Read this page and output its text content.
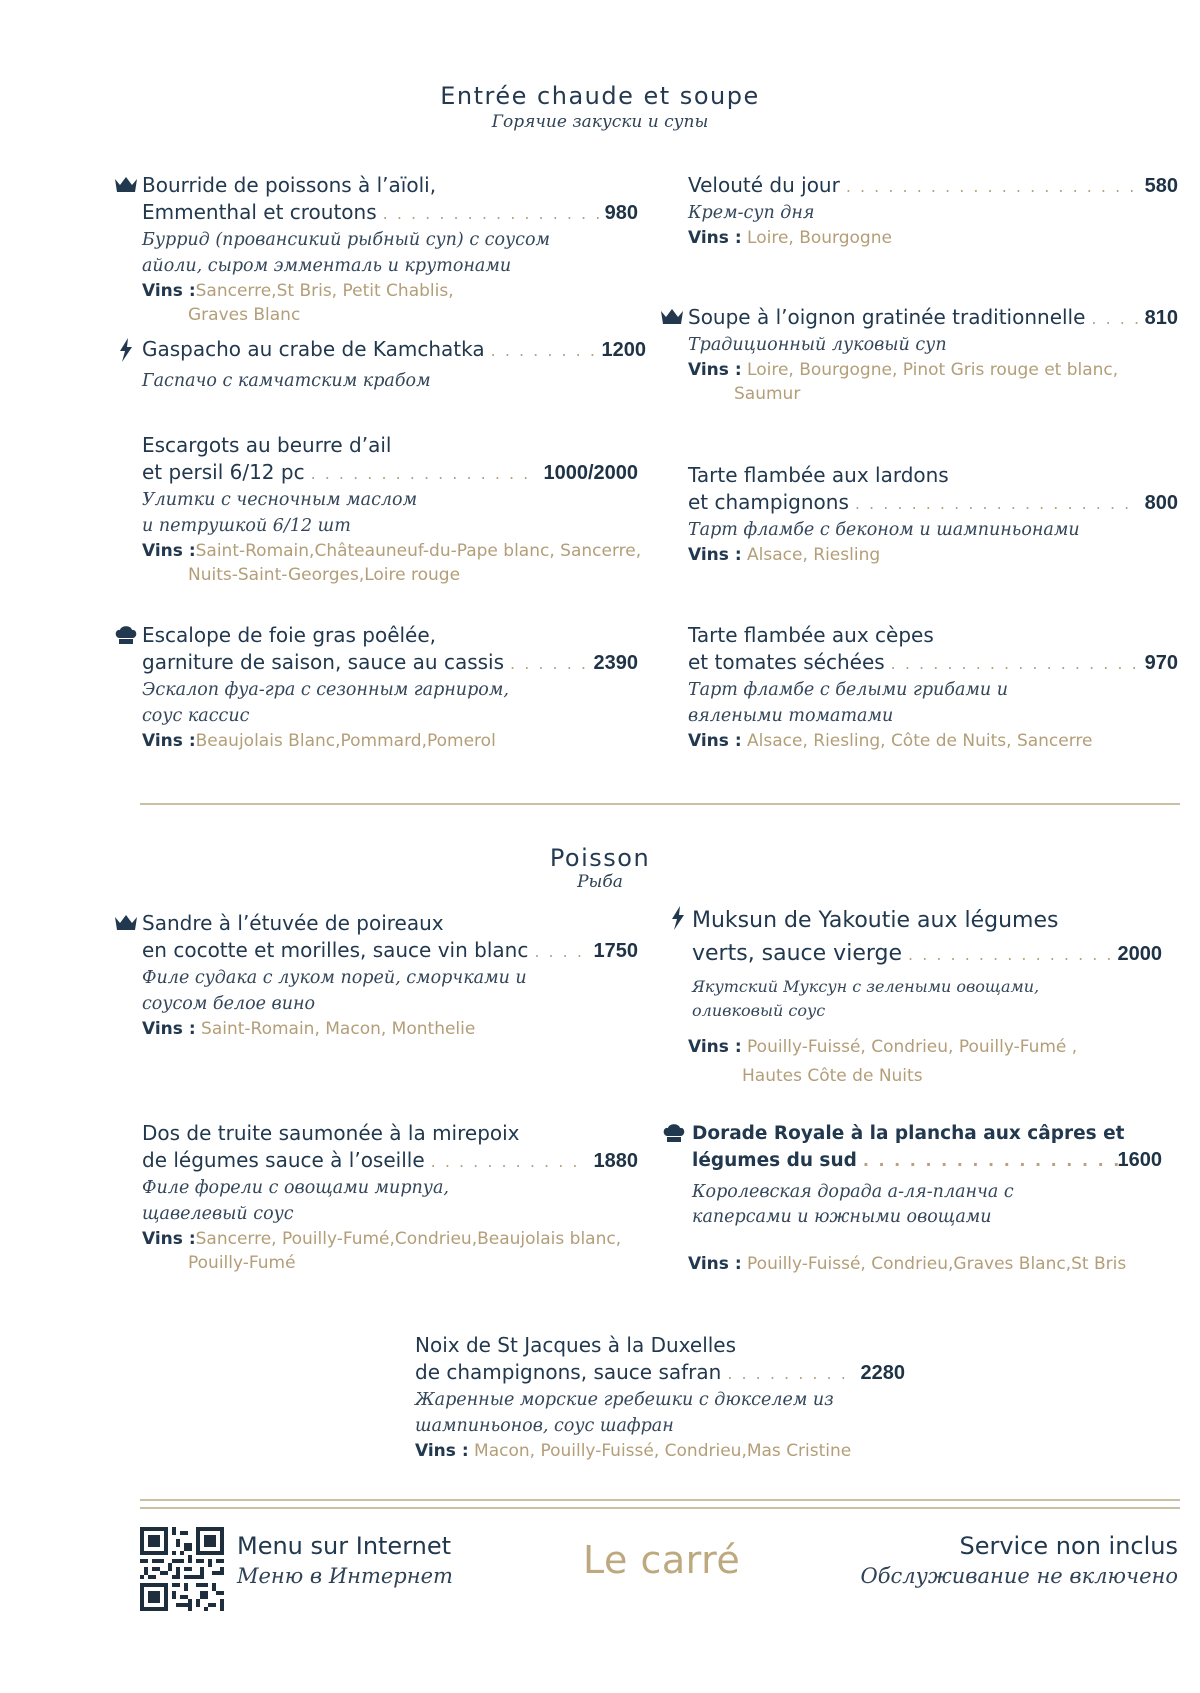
Entrée chaude et soupe
Горячие закуски и супы
Bourride de poissons à l’aïoli,
Emmenthal et croutons . . .	980
Буррид (провансикий рыбный суп) с соусом
айоли, сыром эмменталь и крутонами
Vins :Sancerre,St Bris, Petit Chablis,
Graves Blanc
Gaspacho au crabe de Kamchatka . . .	1200
Гаспачо с камчатским крабом
Escargots au beurre d’ail
et persil 6/12 pc . . .	1000/2000
Улитки с чесночным маслом
и петрушкой 6/12 шт
Vins :Saint-Romain,Châteauneuf-du-Pape blanc, Sancerre,
Nuits-Saint-Georges,Loire rouge
Escalope de foie gras poêlée,
garniture de saison, sauce au cassis . . .	2390
Эскалоп фуа-гра с сезонным гарниром,
соус кассис
Vins :Beaujolais Blanc,Pommard,Pomerol
Velouté du jour . . .	580
Крем-суп дня
Vins : Loire, Bourgogne
Soupe à l’oignon gratinée traditionnelle . . .	810
Традиционный луковый суп
Vins : Loire, Bourgogne, Pinot Gris rouge et blanc,
Saumur
Tarte flambée aux lardons
et champignons . . .	800
Тарт фламбе с беконом и шампиньонами
Vins : Alsace, Riesling
Tarte flambée aux cèpes
et tomates séchées . . .	970
Тарт фламбе с белыми грибами и
вялеными томатами
Vins : Alsace, Riesling, Côte de Nuits, Sancerre
Poisson
Рыба
Sandre à l’étuvée de poireaux
en cocotte et morilles, sauce vin blanc . . .	1750
Филе судака с луком порей, сморчками и
соусом белое вино
Vins : Saint-Romain, Macon, Monthelie
Dos de truite saumonée à la mirepoix
de légumes sauce à l’oseille . . .	1880
Филе форели с овощами мирпуа,
щавелевый соус
Vins :Sancerre, Pouilly-Fumé,Condrieu,Beaujolais blanc,
Pouilly-Fumé
Muksun de Yakoutie aux légumes
verts, sauce vierge . . .	2000
Якутский Муксун с зелеными овощами,
оливковый соус
Vins : Pouilly-Fuissé, Condrieu, Pouilly-Fumé ,
Hautes Côte de Nuits
Dorade Royale à la plancha aux câpres et
légumes du sud . . .	1600
Королевская дорада а-ля-планча с
каперсами и южными овощами
Vins : Pouilly-Fuissé, Condrieu,Graves Blanc,St Bris
Noix de St Jacques à la Duxelles
de champignons, sauce safran . . .	2280
Жаренные морские гребешки с дюкселем из
шампиньонов, соус шафран
Vins : Macon, Pouilly-Fuissé, Condrieu,Mas Cristine
Menu sur Internet
Меню в Интернет	Le carré	Service non inclus
Обслуживание не включено
